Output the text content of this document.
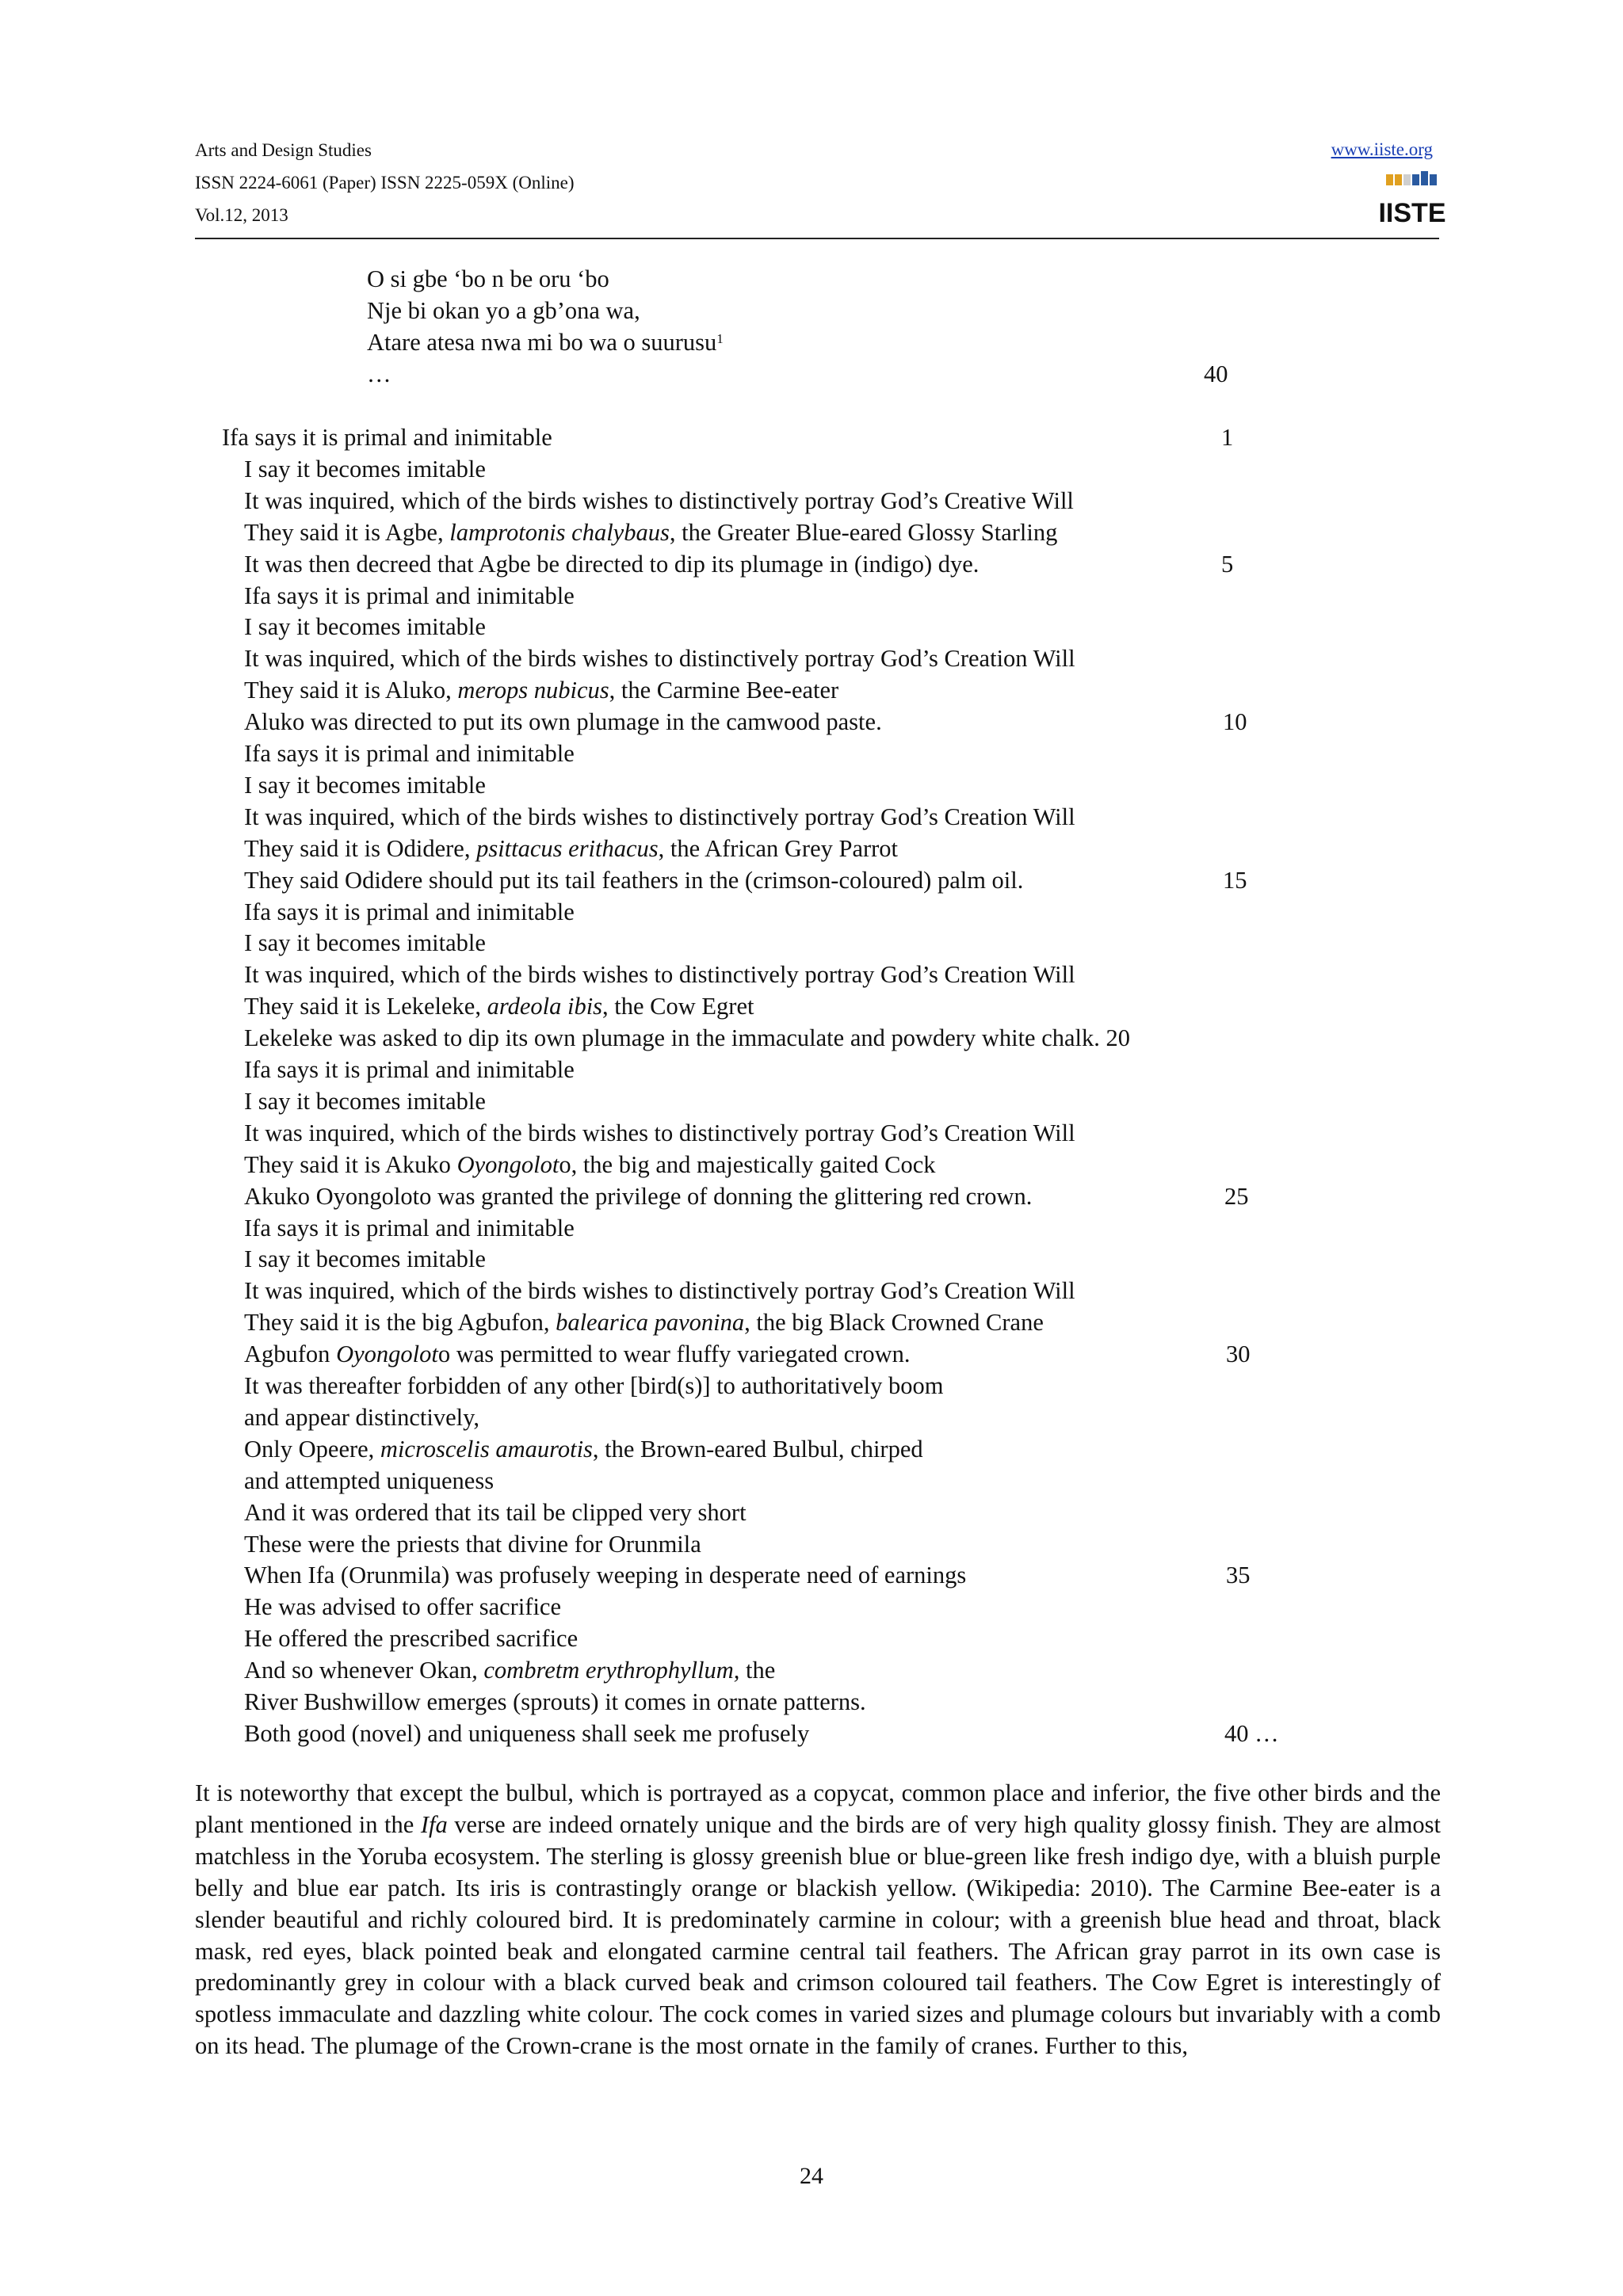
Arts and Design Studies
ISSN 2224-6061 (Paper) ISSN 2225-059X (Online)
Vol.12, 2013
www.iiste.org
IISTE
O si gbe ‘bo n be oru ‘bo
Nje bi okan yo a gb’ona wa,
Atare atesa nwa mi bo wa o suurusu$^1$
…	40
Ifa says it is primal and inimitable	1
I say it becomes imitable
It was inquired, which of the birds wishes to distinctively portray God’s Creative Will
They said it is Agbe, lamprotonis chalybaus, the Greater Blue-eared Glossy Starling
It was then decreed that Agbe be directed to dip its plumage in (indigo) dye.	5
Ifa says it is primal and inimitable
I say it becomes imitable
It was inquired, which of the birds wishes to distinctively portray God’s Creation Will
They said it is Aluko, merops nubicus, the Carmine Bee-eater
Aluko was directed to put its own plumage in the camwood paste.	10
Ifa says it is primal and inimitable
I say it becomes imitable
It was inquired, which of the birds wishes to distinctively portray God’s Creation Will
They said it is Odidere, psittacus erithacus, the African Grey Parrot
They said Odidere should put its tail feathers in the (crimson-coloured) palm oil.	15
Ifa says it is primal and inimitable
I say it becomes imitable
It was inquired, which of the birds wishes to distinctively portray God’s Creation Will
They said it is Lekeleke, ardeola ibis, the Cow Egret
Lekeleke was asked to dip its own plumage in the immaculate and powdery white chalk. 20
Ifa says it is primal and inimitable
I say it becomes imitable
It was inquired, which of the birds wishes to distinctively portray God’s Creation Will
They said it is Akuko Oyongoloto, the big and majestically gaited Cock
Akuko Oyongoloto was granted the privilege of donning the glittering red crown.	25
Ifa says it is primal and inimitable
I say it becomes imitable
It was inquired, which of the birds wishes to distinctively portray God’s Creation Will
They said it is the big Agbufon, balearica pavonina, the big Black Crowned Crane
Agbufon Oyongoloto was permitted to wear fluffy variegated crown.	30
It was thereafter forbidden of any other [bird(s)] to authoritatively boom
and appear distinctively,
Only Opeere, microscelis amaurotis, the Brown-eared Bulbul, chirped
and attempted uniqueness
And it was ordered that its tail be clipped very short
These were the priests that divine for Orunmila
When Ifa (Orunmila) was profusely weeping in desperate need of earnings	35
He was advised to offer sacrifice
He offered the prescribed sacrifice
And so whenever Okan, combretm erythrophyllum, the
River Bushwillow emerges (sprouts) it comes in ornate patterns.
Both good (novel) and uniqueness shall seek me profusely	40 …
It is noteworthy that except the bulbul, which is portrayed as a copycat, common place and inferior, the five other birds and the plant mentioned in the Ifa verse are indeed ornately unique and the birds are of very high quality glossy finish. They are almost matchless in the Yoruba ecosystem. The sterling is glossy greenish blue or blue-green like fresh indigo dye, with a bluish purple belly and blue ear patch. Its iris is contrastingly orange or blackish yellow. (Wikipedia: 2010). The Carmine Bee-eater is a slender beautiful and richly coloured bird. It is predominately carmine in colour; with a greenish blue head and throat, black mask, red eyes, black pointed beak and elongated carmine central tail feathers. The African gray parrot in its own case is predominantly grey in colour with a black curved beak and crimson coloured tail feathers. The Cow Egret is interestingly of spotless immaculate and dazzling white colour. The cock comes in varied sizes and plumage colours but invariably with a comb on its head. The plumage of the Crown-crane is the most ornate in the family of cranes. Further to this,
24
